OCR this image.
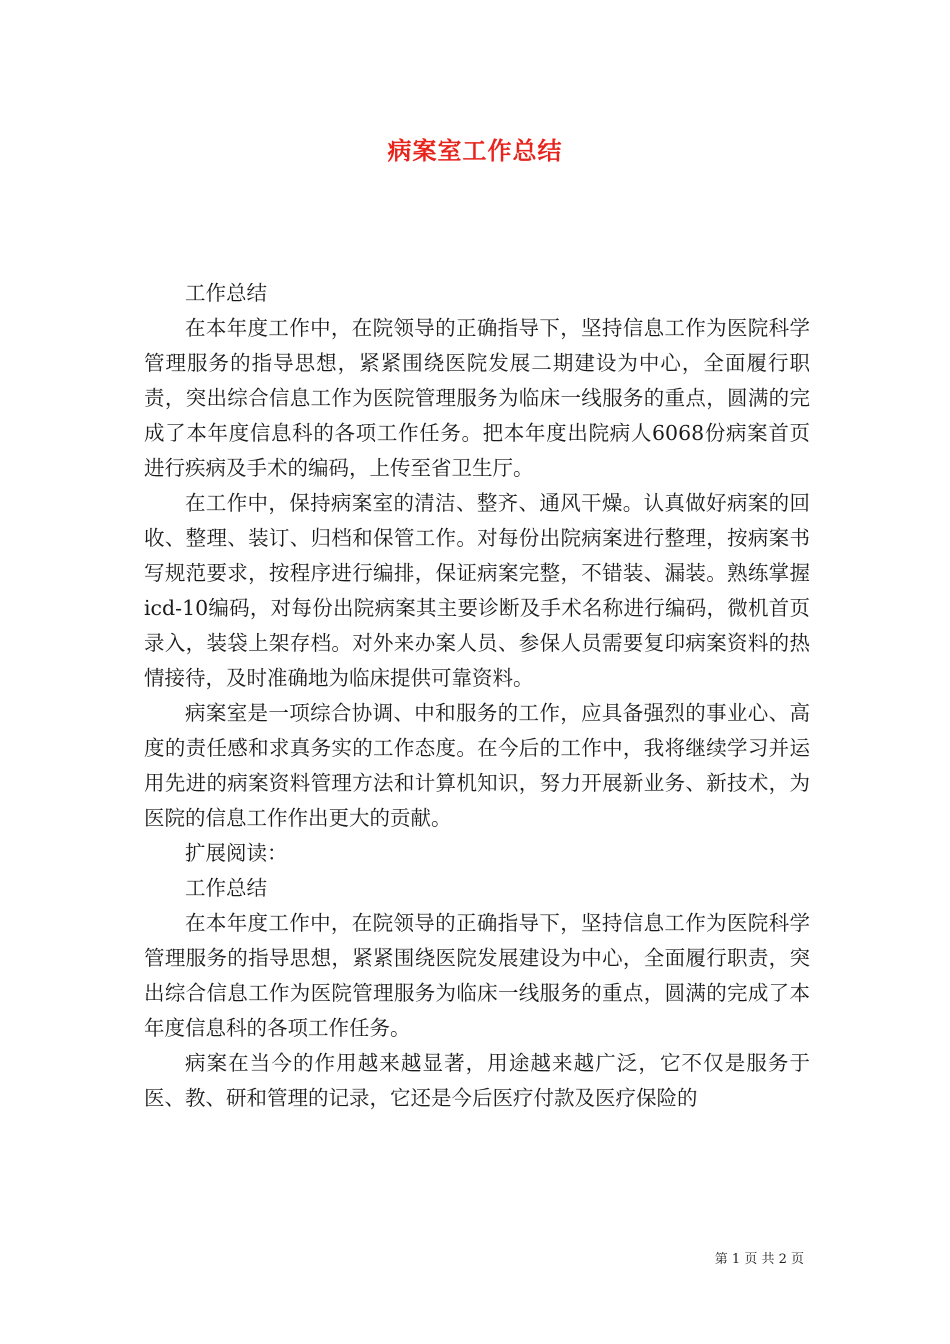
病案室工作总结

工作总结

在本年度工作中，在院领导的正确指导下，坚持信息工作为医院科学管理服务的指导思想，紧紧围绕医院发展二期建设为中心，全面履行职责，突出综合信息工作为医院管理服务为临床一线服务的重点，圆满的完成了本年度信息科的各项工作任务。把本年度出院病人6068份病案首页进行疾病及手术的编码，上传至省卫生厅。

在工作中，保持病案室的清洁、整齐、通风干燥。认真做好病案的回收、整理、装订、归档和保管工作。对每份出院病案进行整理，按病案书写规范要求，按程序进行编排，保证病案完整，不错装、漏装。熟练掌握icd-10编码，对每份出院病案其主要诊断及手术名称进行编码，微机首页录入，装袋上架存档。对外来办案人员、参保人员需要复印病案资料的热情接待，及时准确地为临床提供可靠资料。

病案室是一项综合协调、中和服务的工作，应具备强烈的事业心、高度的责任感和求真务实的工作态度。在今后的工作中，我将继续学习并运用先进的病案资料管理方法和计算机知识，努力开展新业务、新技术，为医院的信息工作作出更大的贡献。

扩展阅读：

工作总结

在本年度工作中，在院领导的正确指导下，坚持信息工作为医院科学管理服务的指导思想，紧紧围绕医院发展建设为中心，全面履行职责，突出综合信息工作为医院管理服务为临床一线服务的重点，圆满的完成了本年度信息科的各项工作任务。

病案在当今的作用越来越显著，用途越来越广泛，它不仅是服务于医、教、研和管理的记录，它还是今后医疗付款及医疗保险的

第 1 页 共 2 页
